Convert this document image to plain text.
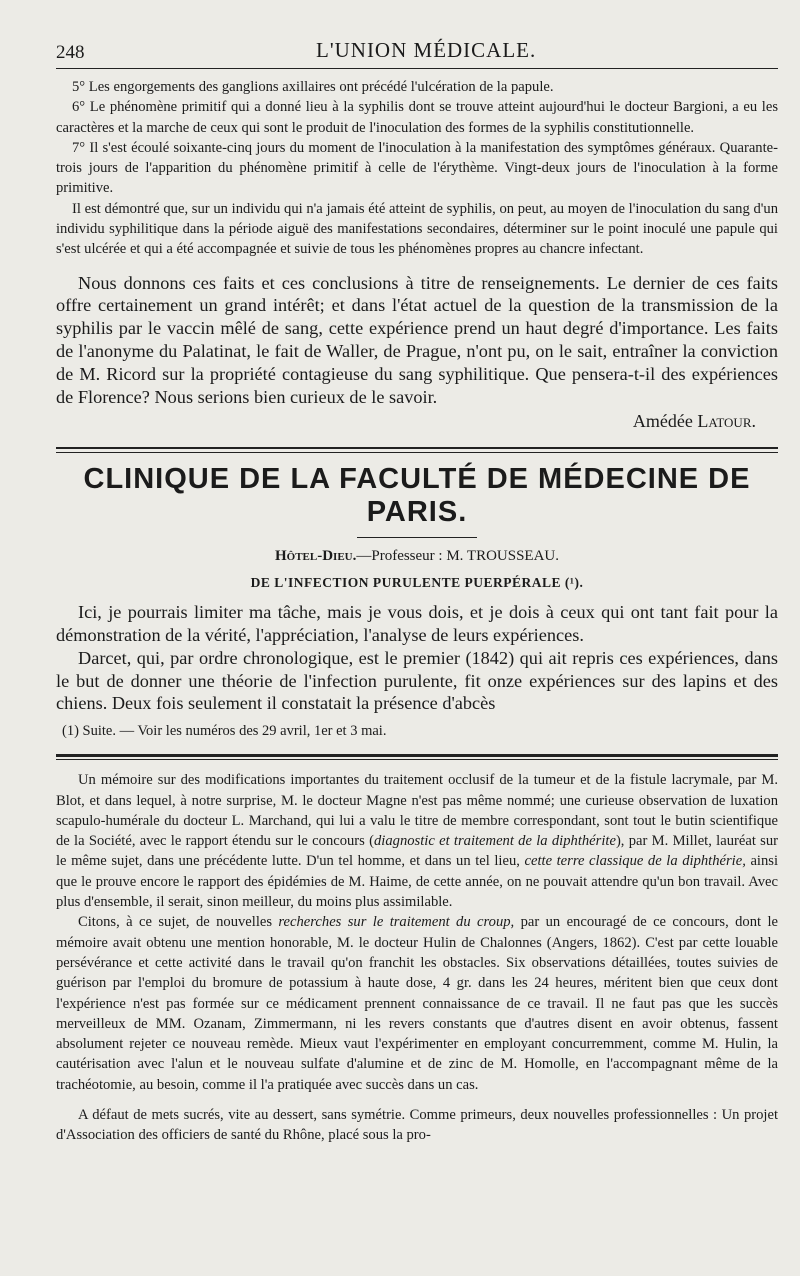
248	L'UNION MÉDICALE.

5° Les engorgements des ganglions axillaires ont précédé l'ulcération de la papule.

6° Le phénomène primitif qui a donné lieu à la syphilis dont se trouve atteint aujourd'hui le docteur Bargioni, a eu les caractères et la marche de ceux qui sont le produit de l'inoculation des formes de la syphilis constitutionnelle.

7° Il s'est écoulé soixante-cinq jours du moment de l'inoculation à la manifestation des symptômes généraux. Quarante-trois jours de l'apparition du phénomène primitif à celle de l'érythème. Vingt-deux jours de l'inoculation à la forme primitive.

Il est démontré que, sur un individu qui n'a jamais été atteint de syphilis, on peut, au moyen de l'inoculation du sang d'un individu syphilitique dans la période aiguë des manifestations secondaires, déterminer sur le point inoculé une papule qui s'est ulcérée et qui a été accompagnée et suivie de tous les phénomènes propres au chancre infectant.

Nous donnons ces faits et ces conclusions à titre de renseignements. Le dernier de ces faits offre certainement un grand intérêt; et dans l'état actuel de la question de la transmission de la syphilis par le vaccin mêlé de sang, cette expérience prend un haut degré d'importance. Les faits de l'anonyme du Palatinat, le fait de Waller, de Prague, n'ont pu, on le sait, entraîner la conviction de M. Ricord sur la propriété contagieuse du sang syphilitique. Que pensera-t-il des expériences de Florence? Nous serions bien curieux de le savoir.

Amédée Latour.
CLINIQUE DE LA FACULTÉ DE MÉDECINE DE PARIS.
Hôtel-Dieu.—Professeur : M. TROUSSEAU.
DE L'INFECTION PURULENTE PUERPÉRALE (¹).

Ici, je pourrais limiter ma tâche, mais je vous dois, et je dois à ceux qui ont tant fait pour la démonstration de la vérité, l'appréciation, l'analyse de leurs expériences.

Darcet, qui, par ordre chronologique, est le premier (1842) qui ait repris ces expériences, dans le but de donner une théorie de l'infection purulente, fit onze expériences sur des lapins et des chiens. Deux fois seulement il constatait la présence d'abcès

(1) Suite. — Voir les numéros des 29 avril, 1er et 3 mai.

Un mémoire sur des modifications importantes du traitement occlusif de la tumeur et de la fistule lacrymale, par M. Blot, et dans lequel, à notre surprise, M. le docteur Magne n'est pas même nommé; une curieuse observation de luxation scapulo-humérale du docteur L. Marchand, qui lui a valu le titre de membre correspondant, sont tout le butin scientifique de la Société, avec le rapport étendu sur le concours (diagnostic et traitement de la diphthérite), par M. Millet, lauréat sur le même sujet, dans une précédente lutte. D'un tel homme, et dans un tel lieu, cette terre classique de la diphthérie, ainsi que le prouve encore le rapport des épidémies de M. Haime, de cette année, on ne pouvait attendre qu'un bon travail. Avec plus d'ensemble, il serait, sinon meilleur, du moins plus assimilable.

Citons, à ce sujet, de nouvelles recherches sur le traitement du croup, par un encouragé de ce concours, dont le mémoire avait obtenu une mention honorable, M. le docteur Hulin de Chalonnes (Angers, 1862). C'est par cette louable persévérance et cette activité dans le travail qu'on franchit les obstacles. Six observations détaillées, toutes suivies de guérison par l'emploi du bromure de potassium à haute dose, 4 gr. dans les 24 heures, méritent bien que ceux dont l'expérience n'est pas formée sur ce médicament prennent connaissance de ce travail. Il ne faut pas que les succès merveilleux de MM. Ozanam, Zimmermann, ni les revers constants que d'autres disent en avoir obtenus, fassent absolument rejeter ce nouveau remède. Mieux vaut l'expérimenter en employant concurremment, comme M. Hulin, la cautérisation avec l'alun et le nouveau sulfate d'alumine et de zinc de M. Homolle, en l'accompagnant même de la trachéotomie, au besoin, comme il l'a pratiquée avec succès dans un cas.

A défaut de mets sucrés, vite au dessert, sans symétrie. Comme primeurs, deux nouvelles professionnelles : Un projet d'Association des officiers de santé du Rhône, placé sous la pro-
